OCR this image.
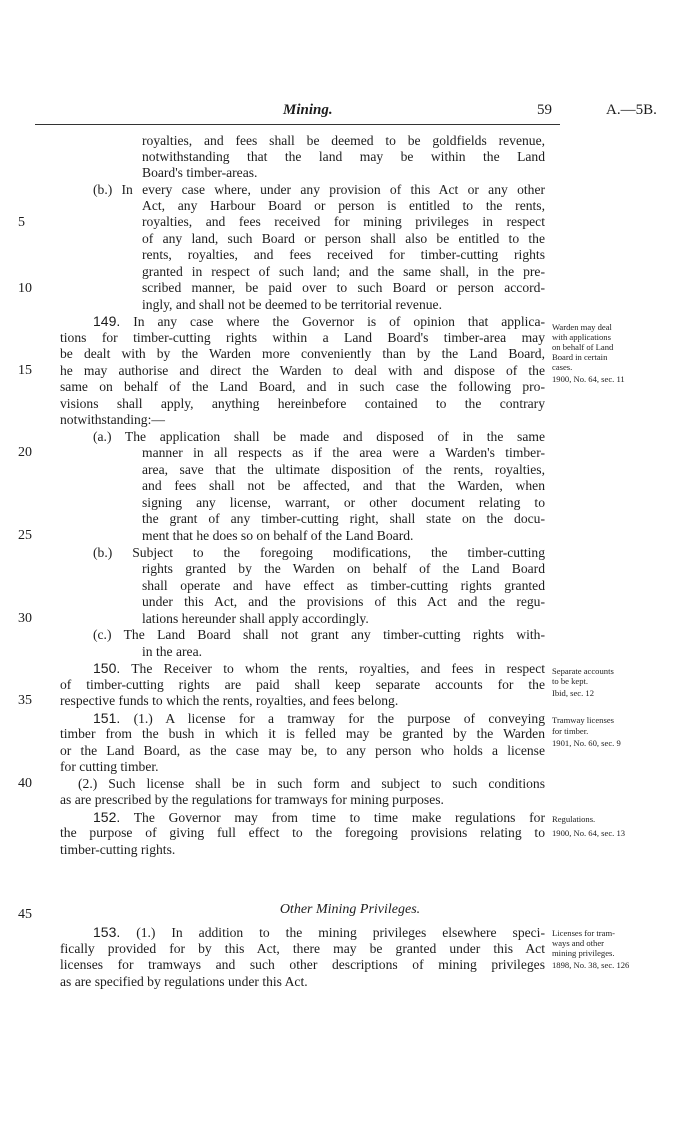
Mining.	59	A.—5B.
royalties, and fees shall be deemed to be goldfields revenue,
notwithstanding that the land may be within the Land
Board's timber-areas.
(b.) In every case where, under any provision of this Act or any other
Act, any Harbour Board or person is entitled to the rents,
royalties, and fees received for mining privileges in respect
of any land, such Board or person shall also be entitled to the
rents, royalties, and fees received for timber-cutting rights
granted in respect of such land; and the same shall, in the pre-
scribed manner, be paid over to such Board or person accord-
ingly, and shall not be deemed to be territorial revenue.
149. In any case where the Governor is of opinion that applica-
tions for timber-cutting rights within a Land Board's timber-area may
be dealt with by the Warden more conveniently than by the Land Board,
he may authorise and direct the Warden to deal with and dispose of the
same on behalf of the Land Board, and in such case the following pro-
visions shall apply, anything hereinbefore contained to the contrary
notwithstanding:—
(a.) The application shall be made and disposed of in the same
manner in all respects as if the area were a Warden's timber-
area, save that the ultimate disposition of the rents, royalties,
and fees shall not be affected, and that the Warden, when
signing any license, warrant, or other document relating to
the grant of any timber-cutting right, shall state on the docu-
ment that he does so on behalf of the Land Board.
(b.) Subject to the foregoing modifications, the timber-cutting
rights granted by the Warden on behalf of the Land Board
shall operate and have effect as timber-cutting rights granted
under this Act, and the provisions of this Act and the regu-
lations hereunder shall apply accordingly.
(c.) The Land Board shall not grant any timber-cutting rights with-
in the area.
150. The Receiver to whom the rents, royalties, and fees in respect
of timber-cutting rights are paid shall keep separate accounts for the
respective funds to which the rents, royalties, and fees belong.
151. (1.) A license for a tramway for the purpose of conveying
timber from the bush in which it is felled may be granted by the Warden
or the Land Board, as the case may be, to any person who holds a license
for cutting timber.
(2.) Such license shall be in such form and subject to such conditions
as are prescribed by the regulations for tramways for mining purposes.
152. The Governor may from time to time make regulations for
the purpose of giving full effect to the foregoing provisions relating to
timber-cutting rights.
Other Mining Privileges.
153. (1.) In addition to the mining privileges elsewhere speci-
fically provided for by this Act, there may be granted under this Act
licenses for tramways and such other descriptions of mining privileges
as are specified by regulations under this Act.
5
10
15
20
25
30
35
40
45
Warden may deal
with applications
on behalf of Land
Board in certain
cases.
1900, No. 64, sec. 11
Separate accounts
to be kept.
Ibid, sec. 12
Tramway licenses
for timber.
1901, No. 60, sec. 9
Regulations.
1900, No. 64, sec. 13
Licenses for tram-
ways and other
mining privileges.
1898, No. 38, sec. 126
